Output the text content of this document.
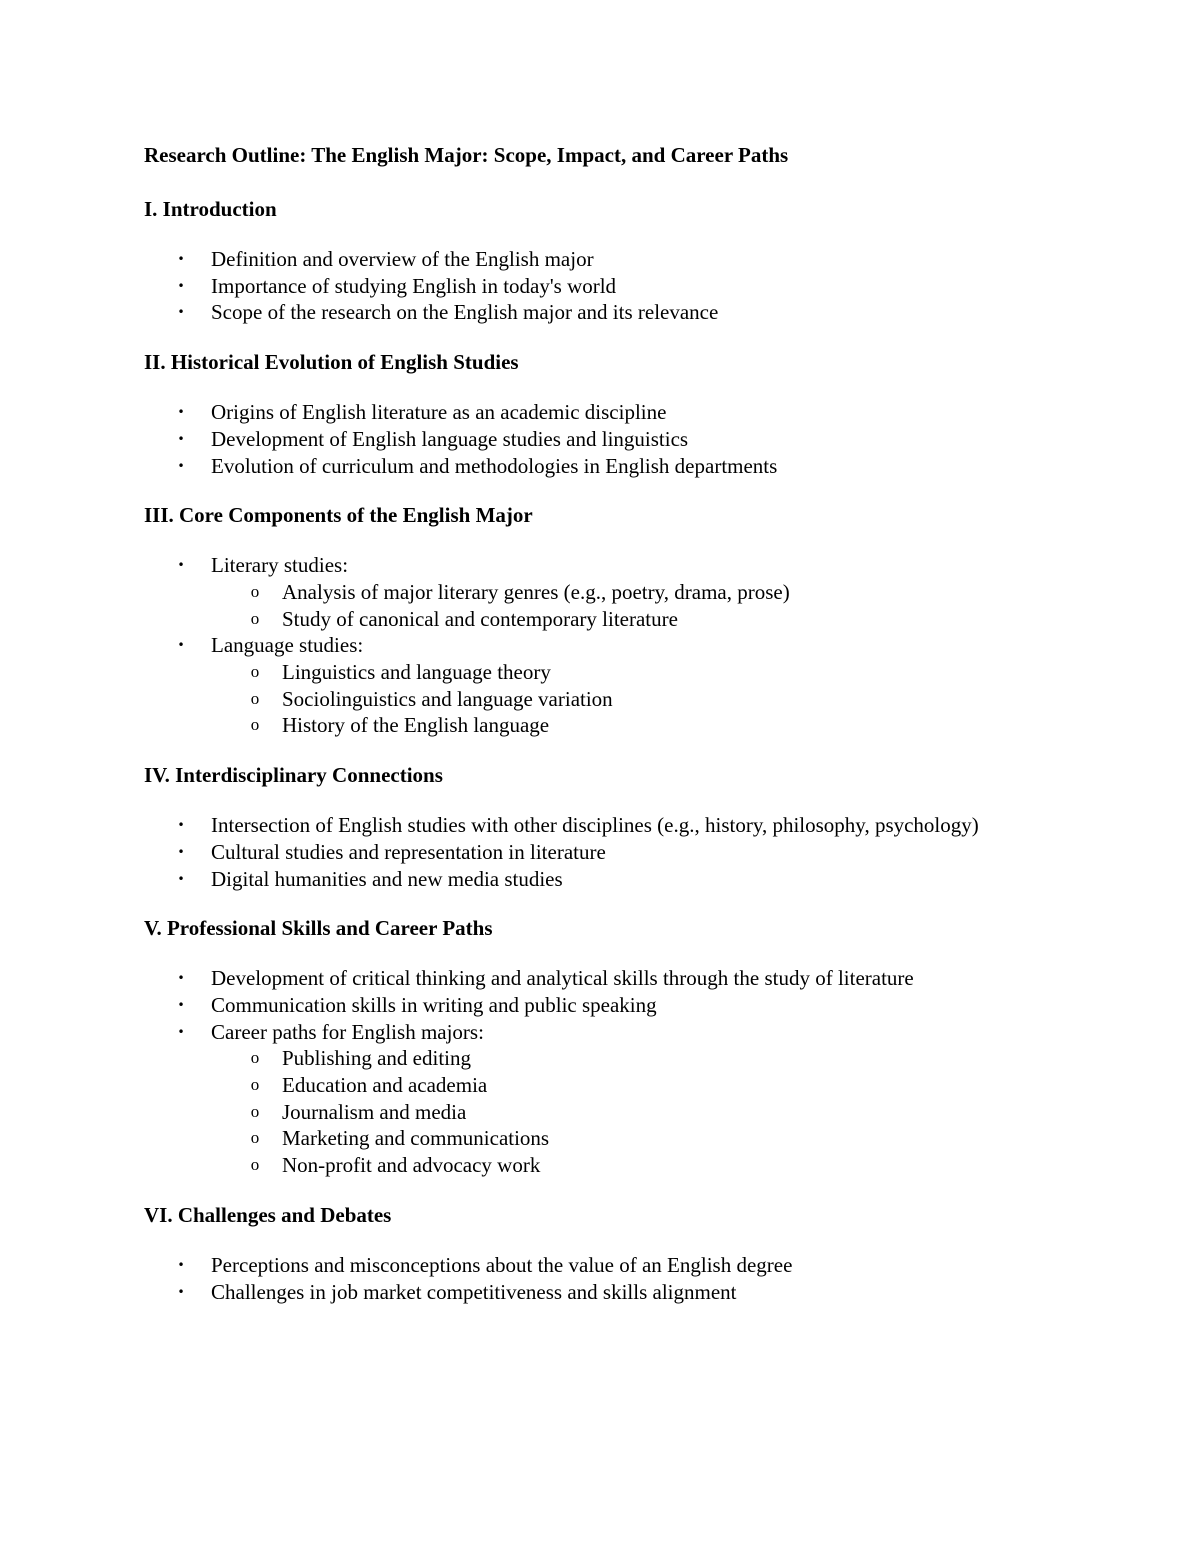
Research Outline: The English Major: Scope, Impact, and Career Paths

I. Introduction

• Definition and overview of the English major
• Importance of studying English in today's world
• Scope of the research on the English major and its relevance

II. Historical Evolution of English Studies

• Origins of English literature as an academic discipline
• Development of English language studies and linguistics
• Evolution of curriculum and methodologies in English departments

III. Core Components of the English Major

• Literary studies:
o Analysis of major literary genres (e.g., poetry, drama, prose)
o Study of canonical and contemporary literature
• Language studies:
o Linguistics and language theory
o Sociolinguistics and language variation
o History of the English language

IV. Interdisciplinary Connections

• Intersection of English studies with other disciplines (e.g., history, philosophy, psychology)
• Cultural studies and representation in literature
• Digital humanities and new media studies

V. Professional Skills and Career Paths

• Development of critical thinking and analytical skills through the study of literature
• Communication skills in writing and public speaking
• Career paths for English majors:
o Publishing and editing
o Education and academia
o Journalism and media
o Marketing and communications
o Non-profit and advocacy work

VI. Challenges and Debates

• Perceptions and misconceptions about the value of an English degree
• Challenges in job market competitiveness and skills alignment
